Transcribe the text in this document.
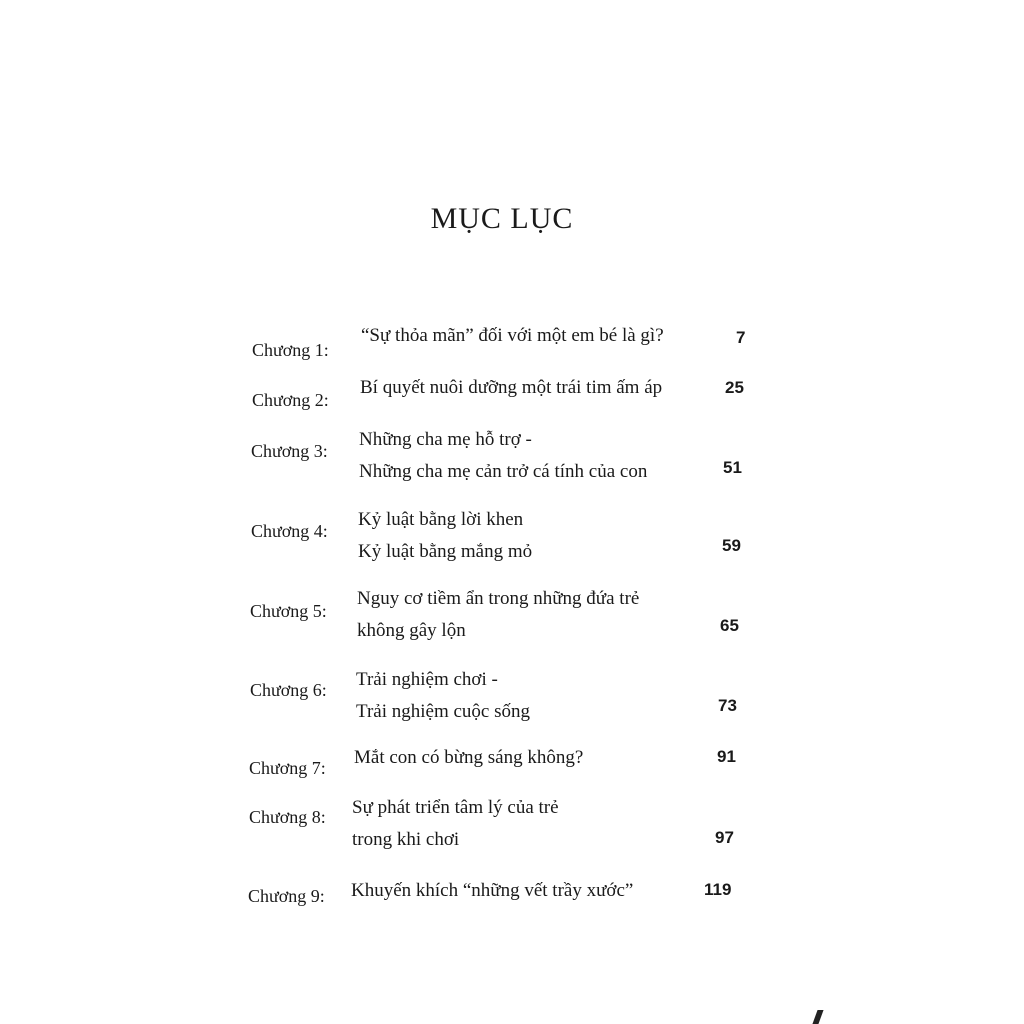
MỤC LỤC
Chương 1:
“Sự thỏa mãn” đối với một em bé là gì?	7
Chương 2:
Bí quyết nuôi dưỡng một trái tim ấm áp	25
Chương 3:
Những cha mẹ hỗ trợ -
Những cha mẹ cản trở cá tính của con	51
Chương 4:
Kỷ luật bằng lời khen
Kỷ luật bằng mắng mỏ	59
Chương 5:
Nguy cơ tiềm ẩn trong những đứa trẻ
không gây lộn	65
Chương 6: Trải nghiệm chơi -
Trải nghiệm cuộc sống	73
Chương 7: Mắt con có bừng sáng không?	91
Chương 8: Sự phát triển tâm lý của trẻ
trong khi chơi	97
Chương 9: Khuyến khích “những vết trầy xước”	119
